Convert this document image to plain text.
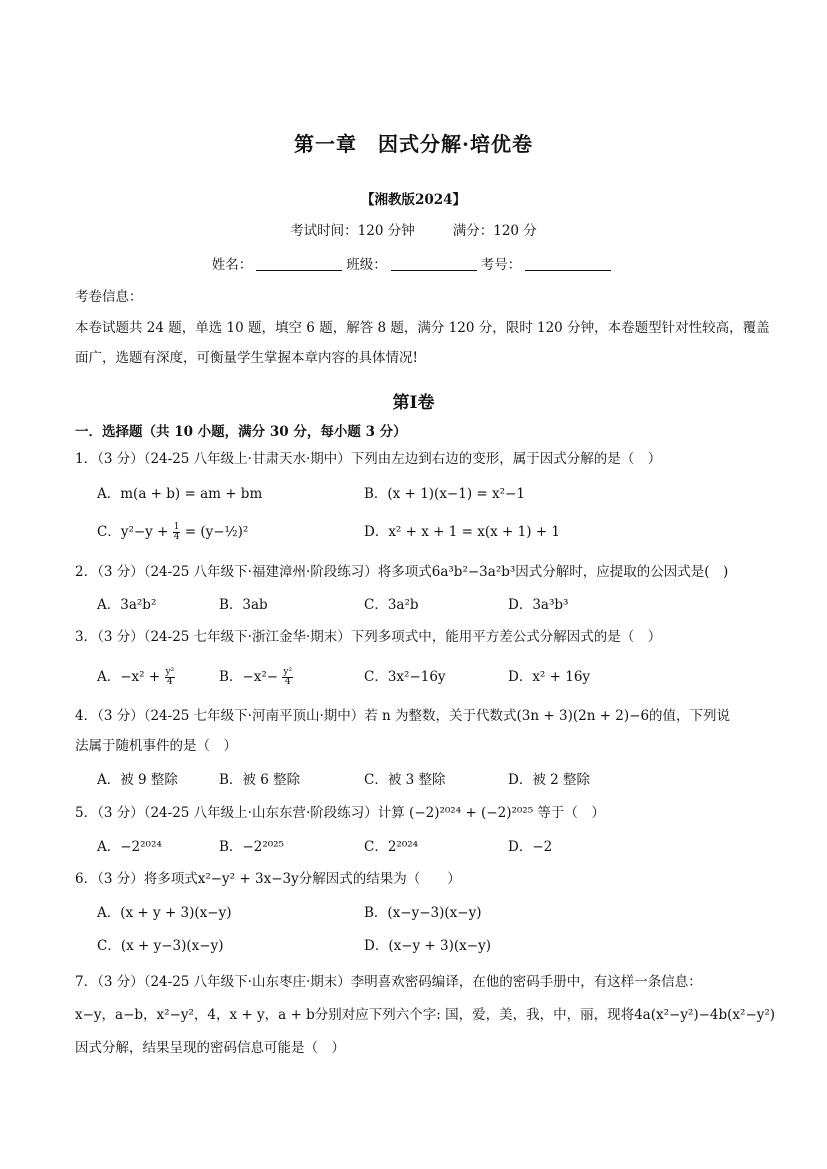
第一章　因式分解·培优卷
【湘教版2024】
考试时间：120 分钟	满分：120 分
姓名：	班级：	考号：
考卷信息：
本卷试题共 24 题，单选 10 题，填空 6 题，解答 8 题，满分 120 分，限时 120 分钟，本卷题型针对性较高，覆盖
面广，选题有深度，可衡量学生掌握本章内容的具体情况!
第Ⅰ卷
一．选择题（共 10 小题，满分 30 分，每小题 3 分）
1．（3 分）（24-25 八年级上·甘肃天水·期中）下列由左边到右边的变形，属于因式分解的是（　）
A．m(a + b) = am + bm	B．(x + 1)(x−1) = x²−1
C．$y^2-y + \frac{1}{4}$ = (y−½)²	D．x² + x + 1 = x(x + 1) + 1
2．（3 分）（24-25 八年级下·福建漳州·阶段练习）将多项式6a³b²−3a²b³因式分解时，应提取的公因式是(　)
A．3a²b²	B．3ab	C．3a²b	D．3a³b³
3．（3 分）（24-25 七年级下·浙江金华·期末）下列多项式中，能用平方差公式分解因式的是（　）
A．$-x^2 + \frac{\text{y²}}{4}$	B．$-x^2- \frac{\text{y²}}{4}$	C．3x²−16y	D．x² + 16y
4．（3 分）（24-25 七年级下·河南平顶山·期中）若 n 为整数，关于代数式(3n + 3)(2n + 2)−6的值，下列说
法属于随机事件的是（　）
A．被 9 整除	B．被 6 整除	C．被 3 整除	D．被 2 整除
5．（3 分）（24-25 八年级上·山东东营·阶段练习）计算 (−2)²⁰²⁴ + (−2)²⁰²⁵ 等于（　）
A．−2²⁰²⁴	B．−2²⁰²⁵	C．2²⁰²⁴	D．−2
6．（3 分）将多项式x²−y² + 3x−3y分解因式的结果为（　　）
A．(x + y + 3)(x−y)	B．(x−y−3)(x−y)
C．(x + y−3)(x−y)	D．(x−y + 3)(x−y)
7．（3 分）（24-25 八年级下·山东枣庄·期末）李明喜欢密码编译，在他的密码手册中，有这样一条信息：
x−y，a−b，x²−y²，4，x + y，a + b分别对应下列六个字: 国，爱，美，我，中，丽，现将4a(x²−y²)−4b(x²−y²)
因式分解，结果呈现的密码信息可能是（　）
